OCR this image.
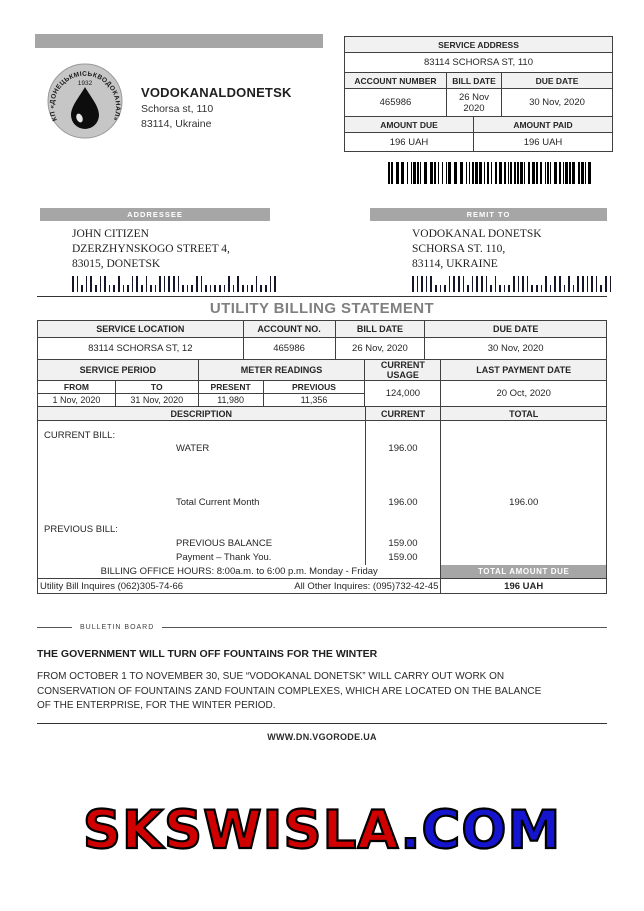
КП «ДОНЕЦЬКМІСЬКВОДОКАНАЛ»
1932
VODOKANALDONETSK
Schorsa st, 110
83114, Ukraine
SERVICE ADDRESS			
83114 SCHORSA ST, 110			
ACCOUNT NUMBER	BILL DATE		DUE DATE
465986	26 Nov 2020		30 Nov, 2020
AMOUNT DUE		AMOUNT PAID	
196 UAH		196 UAH	
ADDRESSEE
JOHN CITIZEN
DZERZHYNSKOGO STREET 4,
83015, DONETSK
REMIT TO
VODOKANAL DONETSK
SCHORSA ST. 110,
83114, UKRAINE
UTILITY BILLING STATEMENT
SERVICE LOCATION	ACCOUNT NO.	BILL DATE	DUE DATE
83114 SCHORSA ST, 12	465986	26 Nov, 2020	30 Nov, 2020
SERVICE PERIOD		METER READINGS		CURRENT USAGE	LAST PAYMENT DATE
FROM	TO	PRESENT	PREVIOUS	124,000	20 Oct, 2020
1 Nov, 2020	31 Nov, 2020	11,980	11,356		
DESCRIPTION	CURRENT	TOTAL
CURRENT BILL:		
WATER	196.00	

Total Current Month	196.00	196.00

PREVIOUS BILL:		
PREVIOUS BALANCE	159.00	
Payment – Thank You.	159.00	
BILLING OFFICE HOURS: 8:00a.m. to 6:00 p.m. Monday - Friday		TOTAL AMOUNT DUE

Utility Bill Inquires (062)305-74-66 All Other Inquires: (095)732-42-45		196 UAH
BULLETIN BOARD
THE GOVERNMENT WILL TURN OFF FOUNTAINS FOR THE WINTER
FROM OCTOBER 1 TO NOVEMBER 30, SUE “VODOKANAL DONETSK” WILL CARRY OUT WORK ON CONSERVATION OF FOUNTAINS ZAND FOUNTAIN COMPLEXES, WHICH ARE LOCATED ON THE BALANCE OF THE ENTERPRISE, FOR THE WINTER PERIOD.
WWW.DN.VGORODE.UA
SKSWISLA.COM
